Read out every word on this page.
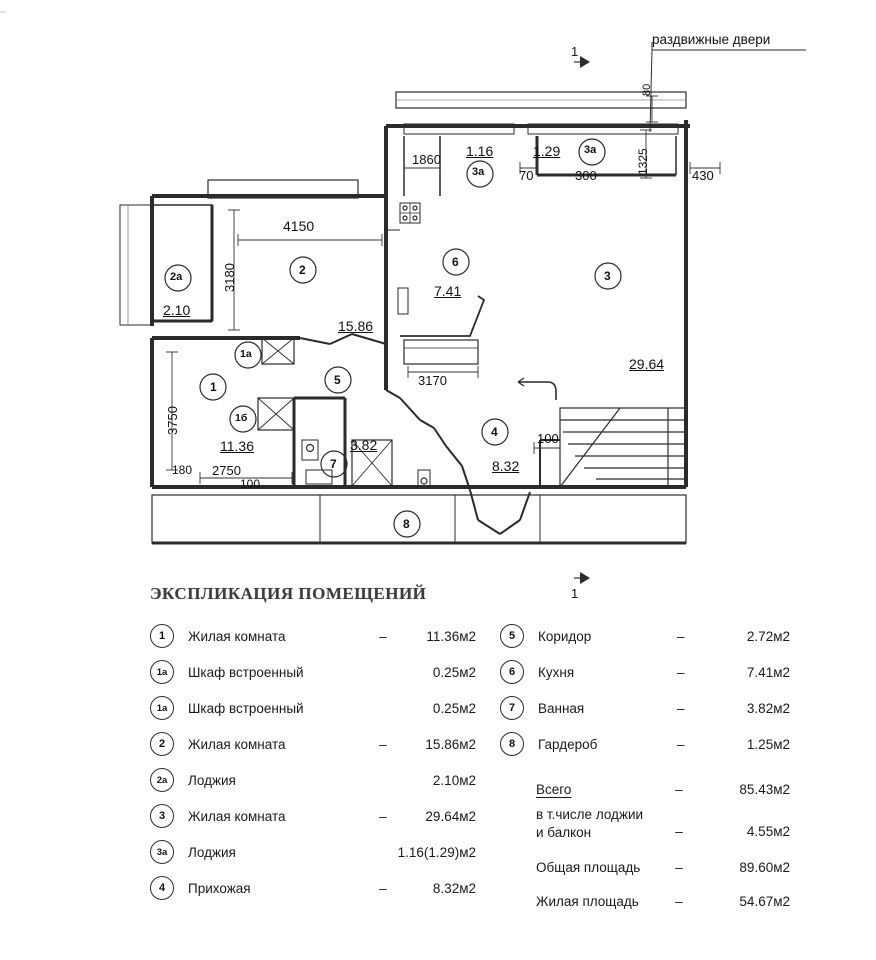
раздвижные двери
1
1
80
1325
1860
1.16	1.29
70	300	430
3а
3а
4150
3180
2а
2.10
2
15.86
6
7.41
3
29.64
1а
1
1б
5
7
8
4
3750
11.36
180 2750
100
3.82
8.32
3170
100
ЭКСПЛИКАЦИЯ ПОМЕЩЕНИЙ
1	Жилая комната	–	11.36м2
1а	Шкаф встроенный	0.25м2
1а	Шкаф встроенный	0.25м2
2	Жилая комната	–	15.86м2
2а	Лоджия	2.10м2
3	Жилая комната	–	29.64м2
3а	Лоджия	1.16(1.29)м2
4	Прихожая	–	8.32м2
5	Коридор	–	2.72м2
6	Кухня	–	7.41м2
7	Ванная	–	3.82м2
8	Гардероб	–	1.25м2
Всего	–	85.43м2
в т.числе лоджии
и балкон	–	4.55м2
Общая площадь	–	89.60м2
Жилая площадь	–	54.67м2
